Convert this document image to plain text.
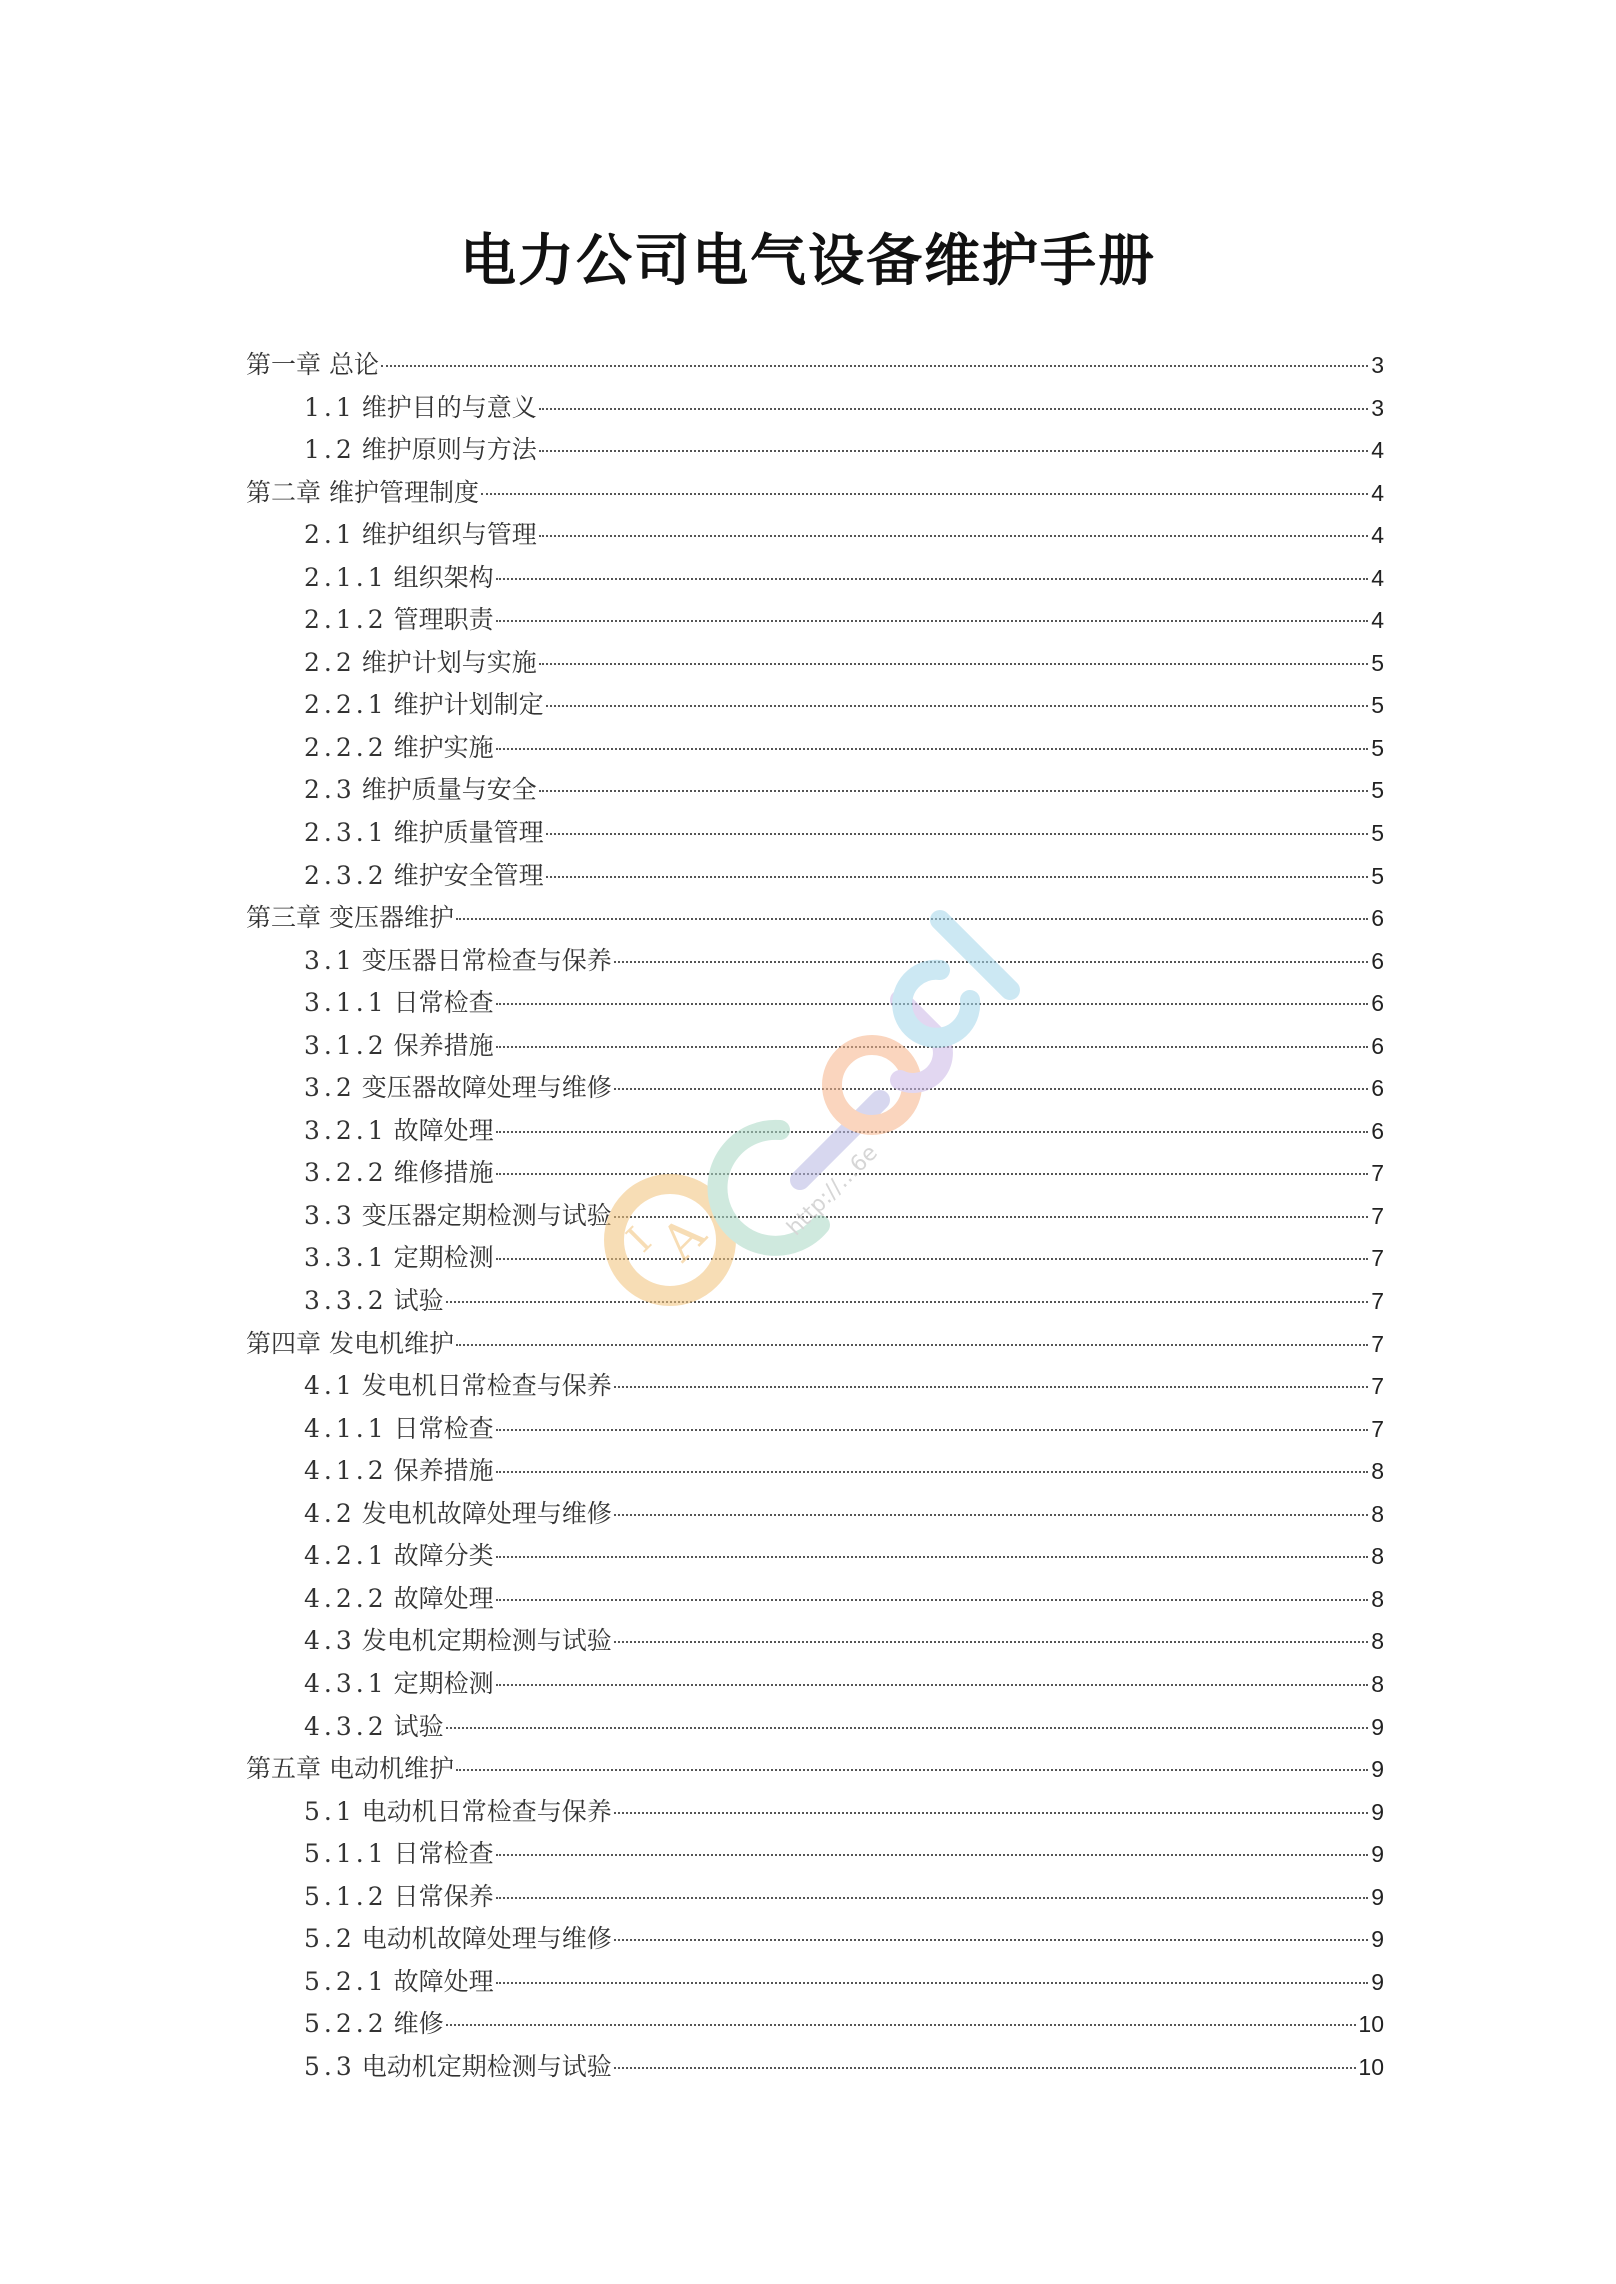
电力公司电气设备维护手册
第一章 总论	3
1.1 维护目的与意义	3
1.2 维护原则与方法	4
第二章 维护管理制度	4
2.1 维护组织与管理	4
2.1.1 组织架构	4
2.1.2 管理职责	4
2.2 维护计划与实施	5
2.2.1 维护计划制定	5
2.2.2 维护实施	5
2.3 维护质量与安全	5
2.3.1 维护质量管理	5
2.3.2 维护安全管理	5
第三章 变压器维护	6
3.1 变压器日常检查与保养	6
3.1.1 日常检查	6
3.1.2 保养措施	6
3.2 变压器故障处理与维修	6
3.2.1 故障处理	6
3.2.2 维修措施	7
3.3 变压器定期检测与试验	7
3.3.1 定期检测	7
3.3.2 试验	7
第四章 发电机维护	7
4.1 发电机日常检查与保养	7
4.1.1 日常检查	7
4.1.2 保养措施	8
4.2 发电机故障处理与维修	8
4.2.1 故障分类	8
4.2.2 故障处理	8
4.3 发电机定期检测与试验	8
4.3.1 定期检测	8
4.3.2 试验	9
第五章 电动机维护	9
5.1 电动机日常检查与保养	9
5.1.1 日常检查	9
5.1.2 日常保养	9
5.2 电动机故障处理与维修	9
5.2.1 故障处理	9
5.2.2 维修	10
5.3 电动机定期检测与试验	10
I
A	http://…6e
